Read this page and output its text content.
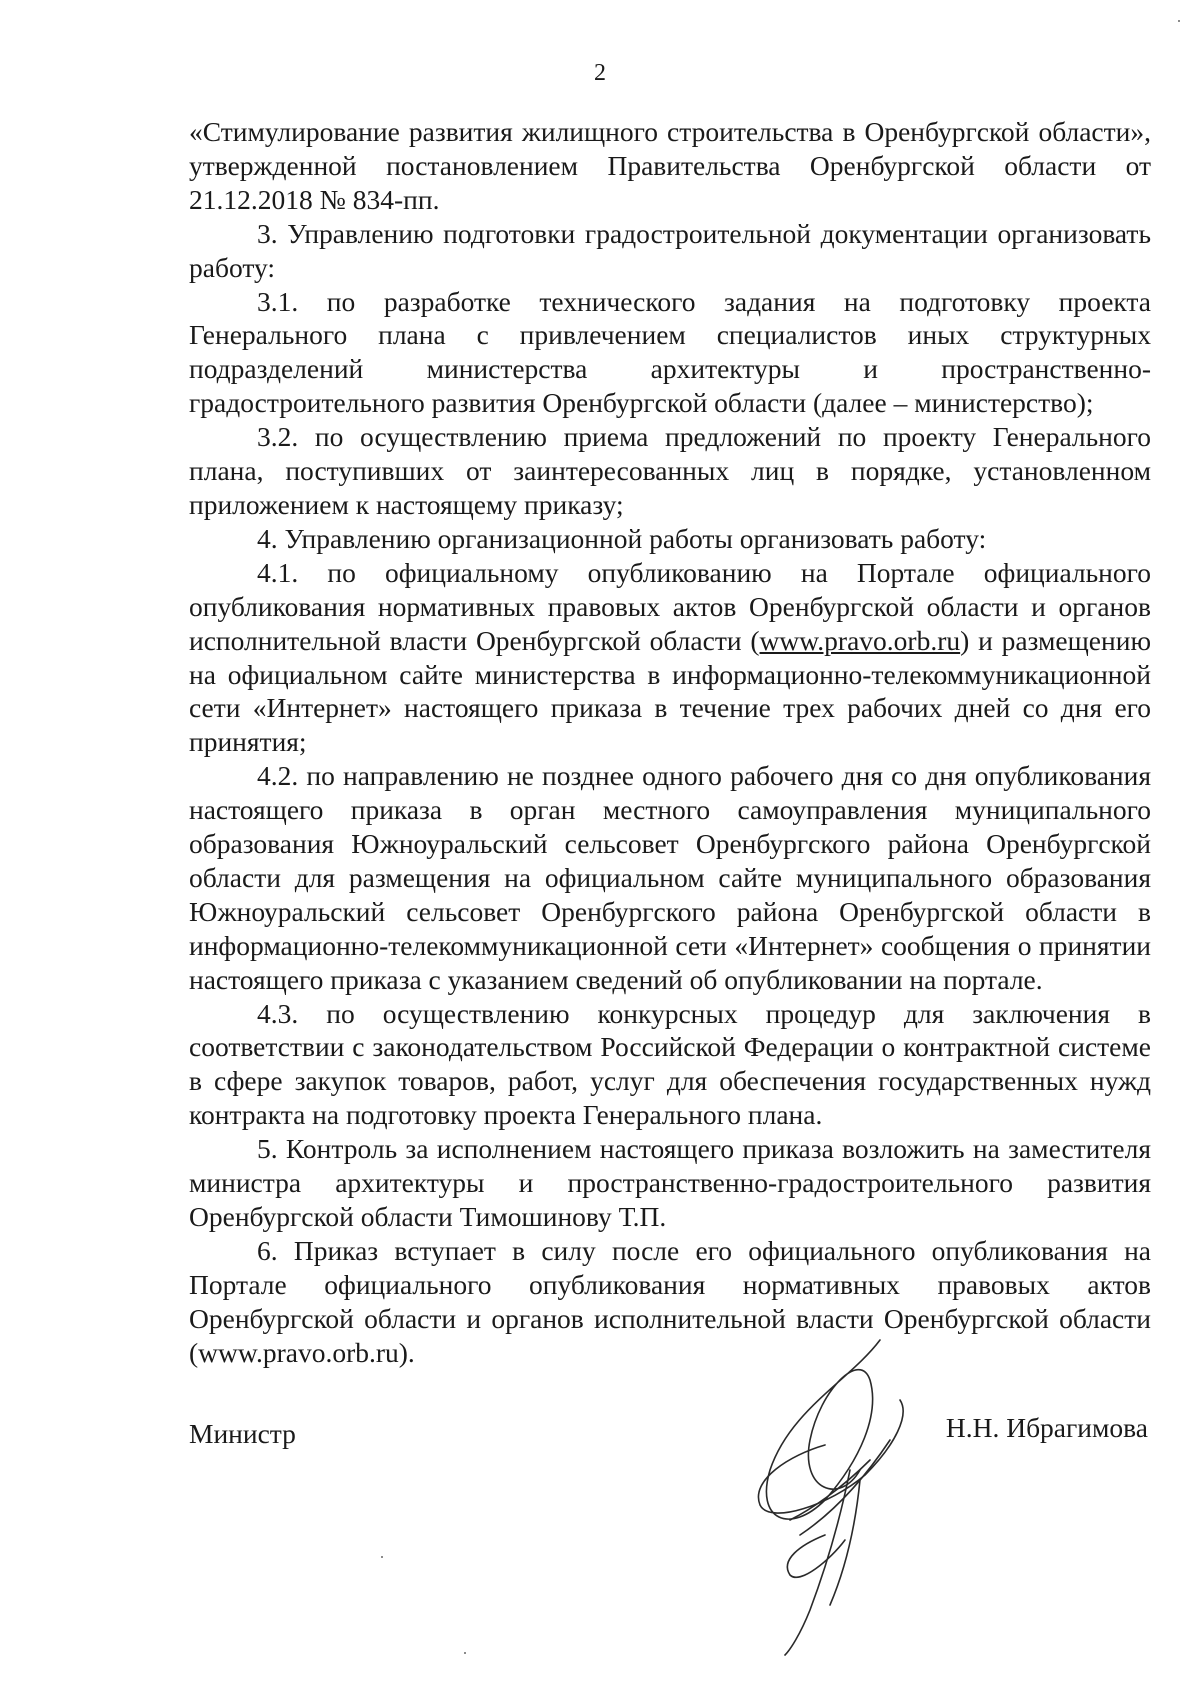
2

«Стимулирование развития жилищного строительства в Оренбургской области», утвержденной постановлением Правительства Оренбургской области от 21.12.2018 № 834-пп.

3. Управлению подготовки градостроительной документации организовать работу:

3.1. по разработке технического задания на подготовку проекта Генерального плана с привлечением специалистов иных структурных подразделений министерства архитектуры и пространственно-градостроительного развития Оренбургской области (далее – министерство);

3.2. по осуществлению приема предложений по проекту Генерального плана, поступивших от заинтересованных лиц в порядке, установленном приложением к настоящему приказу;

4. Управлению организационной работы организовать работу:

4.1. по официальному опубликованию на Портале официального опубликования нормативных правовых актов Оренбургской области и органов исполнительной власти Оренбургской области (www.pravo.orb.ru) и размещению на официальном сайте министерства в информационно-телекоммуникационной сети «Интернет» настоящего приказа в течение трех рабочих дней со дня его принятия;

4.2. по направлению не позднее одного рабочего дня со дня опубликования настоящего приказа в орган местного самоуправления муниципального образования Южноуральский сельсовет Оренбургского района Оренбургской области для размещения на официальном сайте муниципального образования Южноуральский сельсовет Оренбургского района Оренбургской области в информационно-телекоммуникационной сети «Интернет» сообщения о принятии настоящего приказа с указанием сведений об опубликовании на портале.

4.3. по осуществлению конкурсных процедур для заключения в соответствии с законодательством Российской Федерации о контрактной системе в сфере закупок товаров, работ, услуг для обеспечения государственных нужд контракта на подготовку проекта Генерального плана.

5. Контроль за исполнением настоящего приказа возложить на заместителя министра архитектуры и пространственно-градостроительного развития Оренбургской области Тимошинову Т.П.

6. Приказ вступает в силу после его официального опубликования на Портале официального опубликования нормативных правовых актов Оренбургской области и органов исполнительной власти Оренбургской области (www.pravo.orb.ru).

Министр	Н.Н. Ибрагимова
